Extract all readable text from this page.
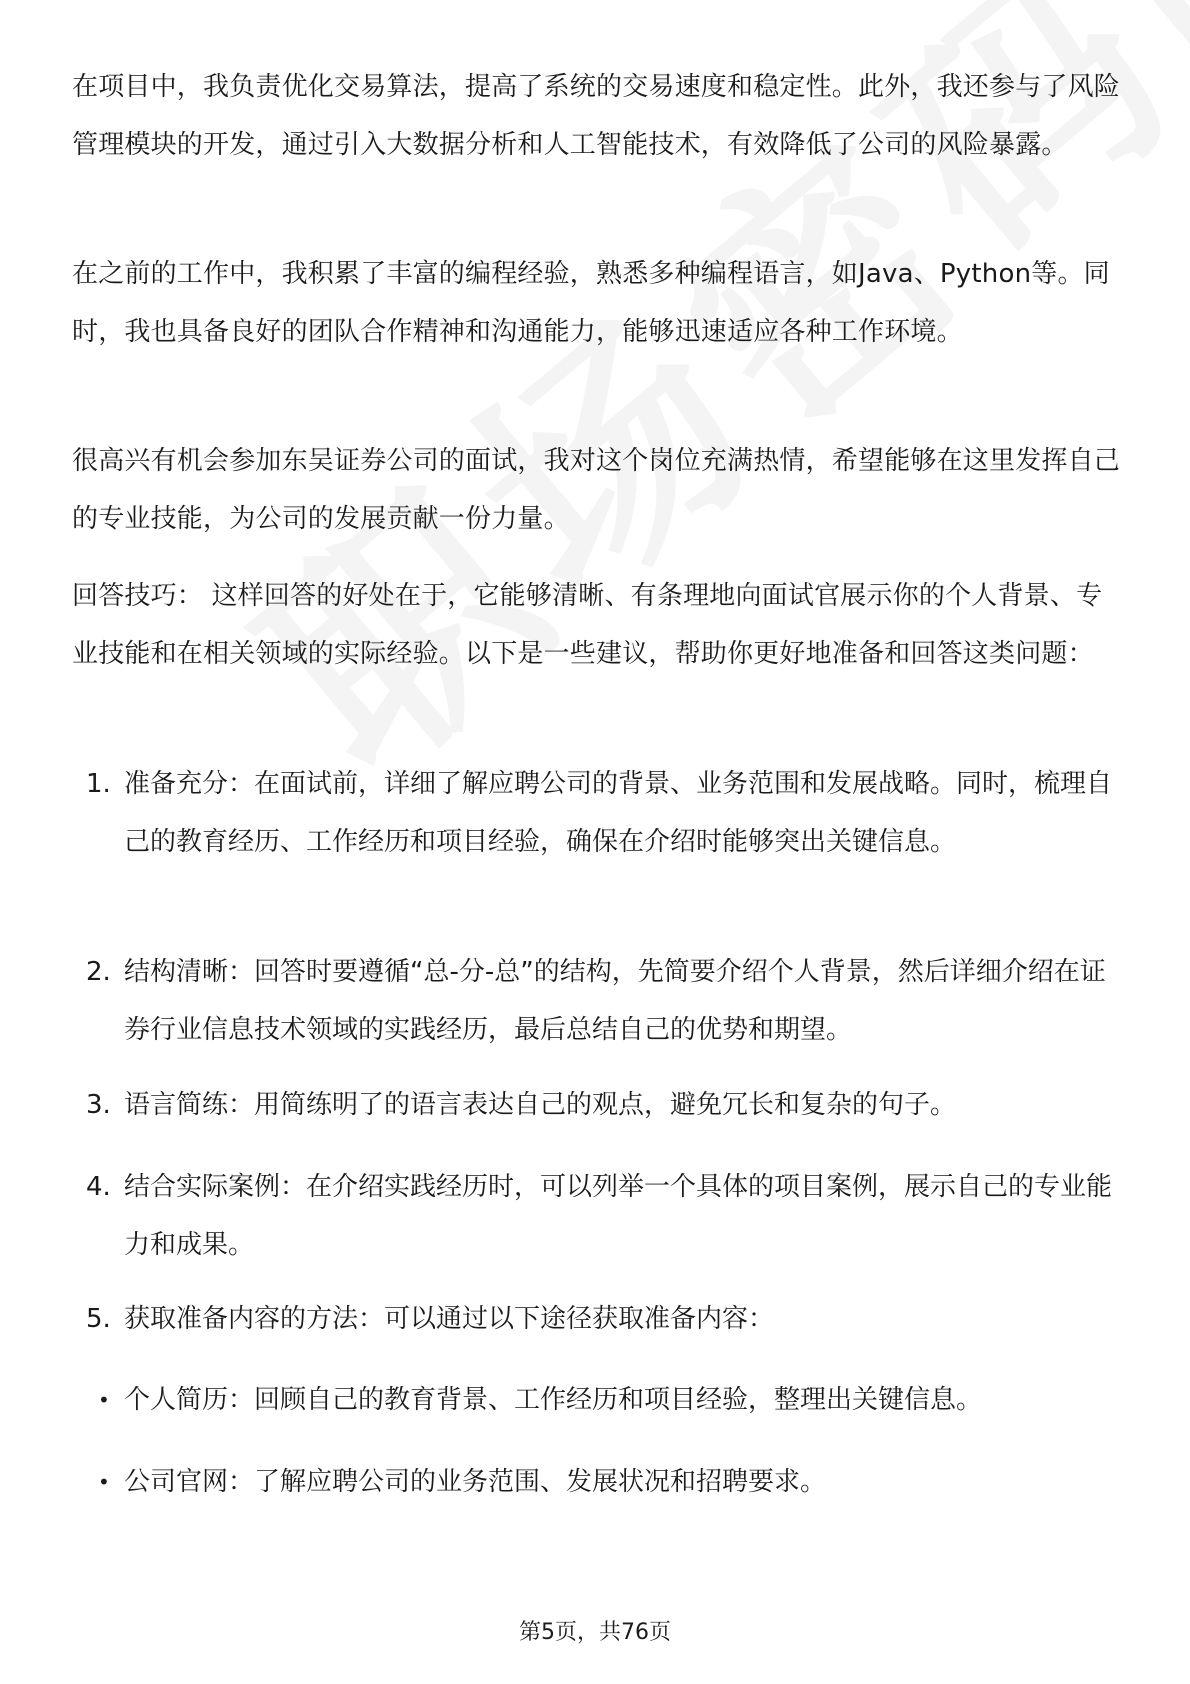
在项目中，我负责优化交易算法，提高了系统的交易速度和稳定性。此外，我还参与了风险管理模块的开发，通过引入大数据分析和人工智能技术，有效降低了公司的风险暴露。

在之前的工作中，我积累了丰富的编程经验，熟悉多种编程语言，如Java、Python等。同时，我也具备良好的团队合作精神和沟通能力，能够迅速适应各种工作环境。

很高兴有机会参加东吴证券公司的面试，我对这个岗位充满热情，希望能够在这里发挥自己的专业技能，为公司的发展贡献一份力量。

回答技巧： 这样回答的好处在于，它能够清晰、有条理地向面试官展示你的个人背景、专业技能和在相关领域的实际经验。以下是一些建议，帮助你更好地准备和回答这类问题：

1. 准备充分：在面试前，详细了解应聘公司的背景、业务范围和发展战略。同时，梳理自己的教育经历、工作经历和项目经验，确保在介绍时能够突出关键信息。
2. 结构清晰：回答时要遵循“总-分-总”的结构，先简要介绍个人背景，然后详细介绍在证券行业信息技术领域的实践经历，最后总结自己的优势和期望。
3. 语言简练：用简练明了的语言表达自己的观点，避免冗长和复杂的句子。
4. 结合实际案例：在介绍实践经历时，可以列举一个具体的项目案例，展示自己的专业能力和成果。
5. 获取准备内容的方法：可以通过以下途径获取准备内容：
• 个人简历：回顾自己的教育背景、工作经历和项目经验，整理出关键信息。
• 公司官网：了解应聘公司的业务范围、发展状况和招聘要求。
第5页，共76页
